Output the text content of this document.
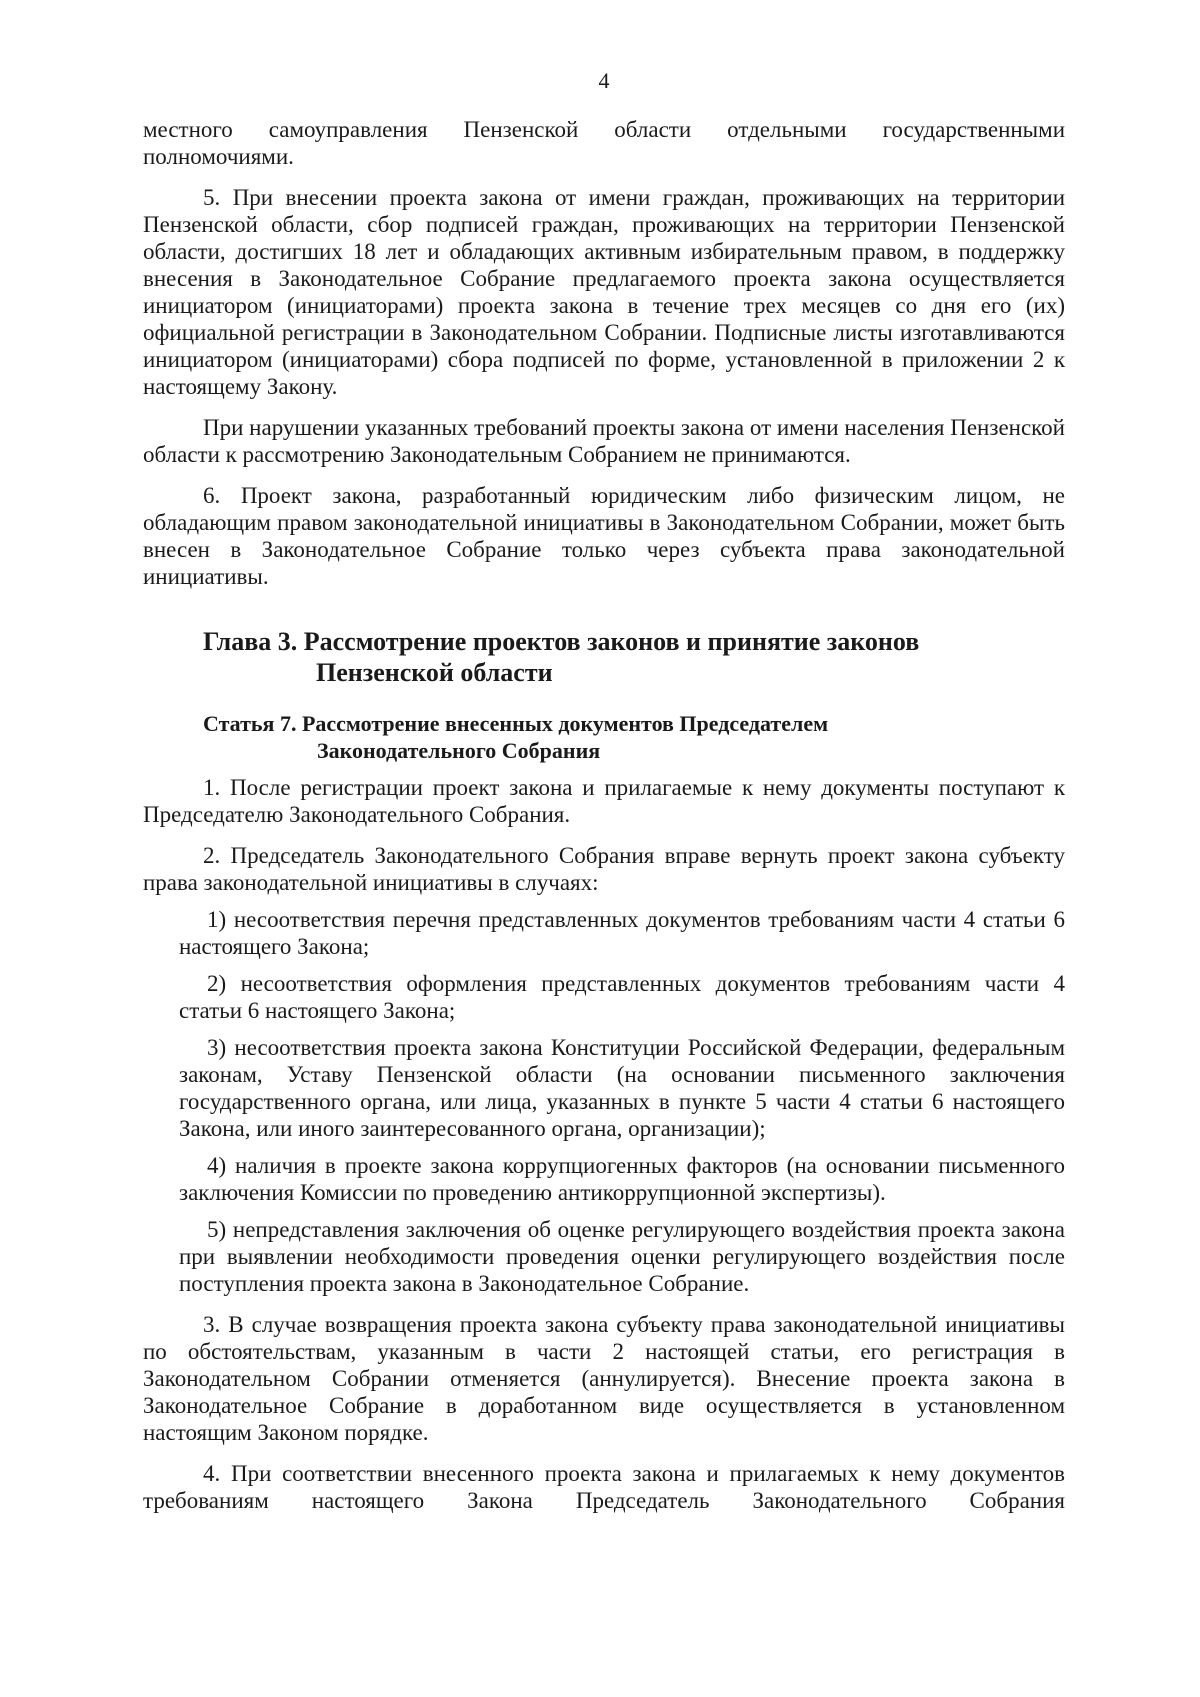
4

местного самоуправления Пензенской области отдельными государственными полномочиями.

5. При внесении проекта закона от имени граждан, проживающих на территории Пензенской области, сбор подписей граждан, проживающих на территории Пензенской области, достигших 18 лет и обладающих активным избирательным правом, в поддержку внесения в Законодательное Собрание предлагаемого проекта закона осуществляется инициатором (инициаторами) проекта закона в течение трех месяцев со дня его (их) официальной регистрации в Законодательном Собрании. Подписные листы изготавливаются инициатором (инициаторами) сбора подписей по форме, установленной в приложении 2 к настоящему Закону.

При нарушении указанных требований проекты закона от имени населения Пензенской области к рассмотрению Законодательным Собранием не принимаются.

6. Проект закона, разработанный юридическим либо физическим лицом, не обладающим правом законодательной инициативы в Законодательном Собрании, может быть внесен в Законодательное Собрание только через субъекта права законодательной инициативы.

Глава 3. Рассмотрение проектов законов и принятие законов
Пензенской области
Статья 7. Рассмотрение внесенных документов Председателем
Законодательного Собрания

1. После регистрации проект закона и прилагаемые к нему документы поступают к Председателю Законодательного Собрания.

2. Председатель Законодательного Собрания вправе вернуть проект закона субъекту права законодательной инициативы в случаях:

1) несоответствия перечня представленных документов требованиям части 4 статьи 6 настоящего Закона;

2) несоответствия оформления представленных документов требованиям части 4 статьи 6 настоящего Закона;

3) несоответствия проекта закона Конституции Российской Федерации, федеральным законам, Уставу Пензенской области (на основании письменного заключения государственного органа, или лица, указанных в пункте 5 части 4 статьи 6 настоящего Закона, или иного заинтересованного органа, организации);

4) наличия в проекте закона коррупциогенных факторов (на основании письменного заключения Комиссии по проведению антикоррупционной экспертизы).

5) непредставления заключения об оценке регулирующего воздействия проекта закона при выявлении необходимости проведения оценки регулирующего воздействия после поступления проекта закона в Законодательное Собрание.

3. В случае возвращения проекта закона субъекту права законодательной инициативы по обстоятельствам, указанным в части 2 настоящей статьи, его регистрация в Законодательном Собрании отменяется (аннулируется). Внесение проекта закона в Законодательное Собрание в доработанном виде осуществляется в установленном настоящим Законом порядке.

4. При соответствии внесенного проекта закона и прилагаемых к нему документов требованиям настоящего Закона Председатель Законодательного Собрания
